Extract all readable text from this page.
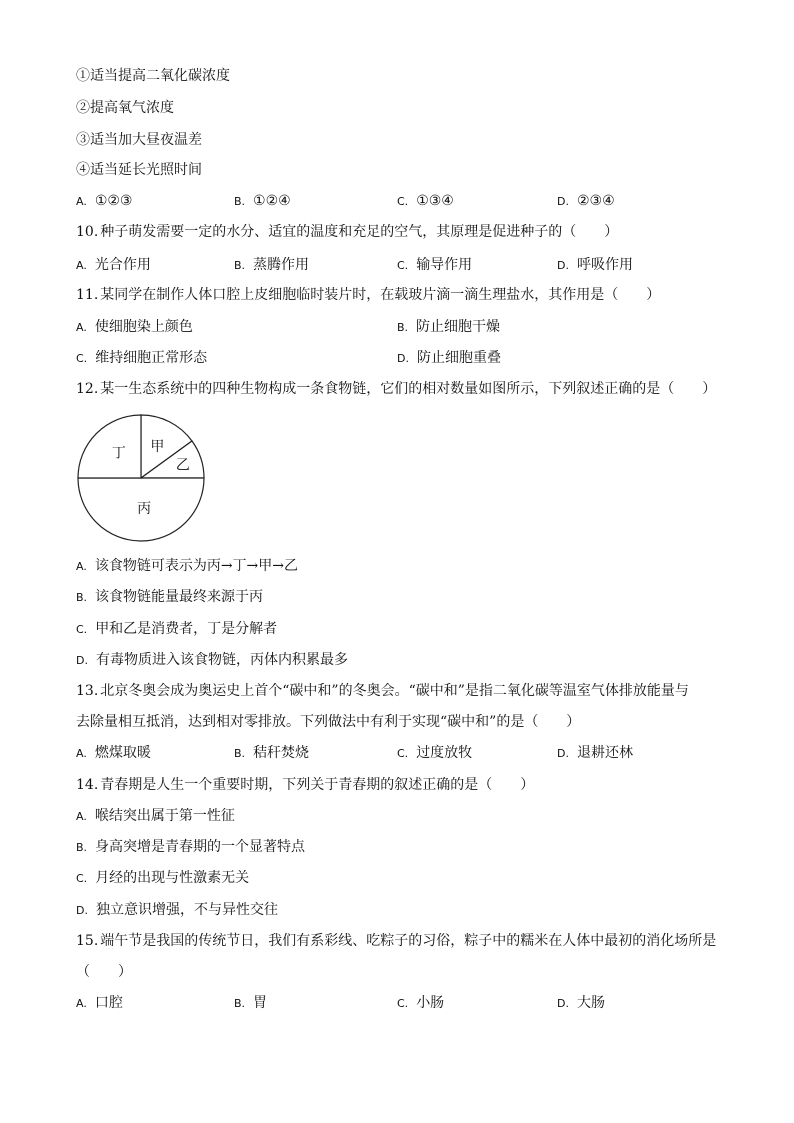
①适当提高二氧化碳浓度
②提高氧气浓度
③适当加大昼夜温差
④适当延长光照时间
A. ①②③	B. ①②④	C. ①③④	D. ②③④
10. 种子萌发需要一定的水分、适宜的温度和充足的空气，其原理是促进种子的（　　）
A. 光合作用	B. 蒸腾作用	C. 输导作用	D. 呼吸作用
11. 某同学在制作人体口腔上皮细胞临时装片时，在载玻片滴一滴生理盐水，其作用是（　　）
A. 使细胞染上颜色	B. 防止细胞干燥
C. 维持细胞正常形态	D. 防止细胞重叠
12. 某一生态系统中的四种生物构成一条食物链，它们的相对数量如图所示，下列叙述正确的是（　　）
甲
乙
丙
丁
A. 该食物链可表示为丙→丁→甲→乙
B. 该食物链能量最终来源于丙
C. 甲和乙是消费者，丁是分解者
D. 有毒物质进入该食物链，丙体内积累最多
13. 北京冬奥会成为奥运史上首个“碳中和”的冬奥会。“碳中和”是指二氧化碳等温室气体排放能量与
去除量相互抵消，达到相对零排放。下列做法中有利于实现“碳中和”的是（　　）
A. 燃煤取暖	B. 秸秆焚烧	C. 过度放牧	D. 退耕还林
14. 青春期是人生一个重要时期，下列关于青春期的叙述正确的是（　　）
A. 喉结突出属于第一性征
B. 身高突增是青春期的一个显著特点
C. 月经的出现与性激素无关
D. 独立意识增强，不与异性交往
15. 端午节是我国的传统节日，我们有系彩线、吃粽子的习俗，粽子中的糯米在人体中最初的消化场所是
（　　）
A. 口腔	B. 胃	C. 小肠	D. 大肠
